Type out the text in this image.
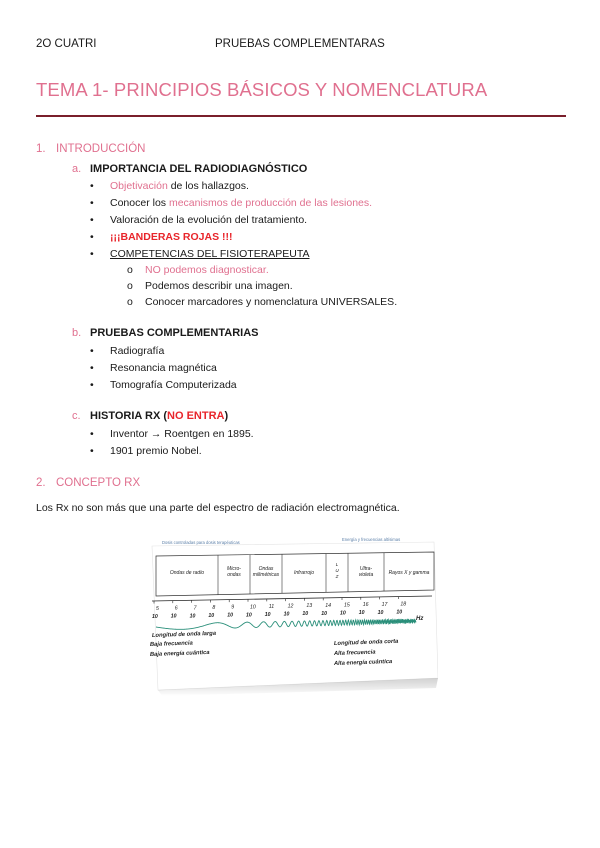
2O CUATRI	PRUEBAS COMPLEMENTARAS
TEMA 1- PRINCIPIOS BÁSICOS Y NOMENCLATURA
1. INTRODUCCIÓN
a. IMPORTANCIA DEL RADIODIAGNÓSTICO
• Objetivación de los hallazgos.
• Conocer los mecanismos de producción de las lesiones.
• Valoración de la evolución del tratamiento.
• ¡¡¡BANDERAS ROJAS !!!
• COMPETENCIAS DEL FISIOTERAPEUTA
o NO podemos diagnosticar.
o Podemos describir una imagen.
o Conocer marcadores y nomenclatura UNIVERSALES.
b. PRUEBAS COMPLEMENTARIAS
• Radiografía
• Resonancia magnética
• Tomografía Computerizada
c. HISTORIA RX (NO ENTRA)
• Inventor → Roentgen en 1895.
• 1901 premio Nobel.
2. CONCEPTO RX
Los Rx no son más que una parte del espectro de radiación electromagnética.
Dosis controladas para dosis terapéuticas
Energía y frecuencias altísimas
Ondas de radio
Micro-ondas
Ondas milimétricas	Infrarrojo
L U Z
Ultra-violeta	Rayos X y gamma
5
10
6
10
7
10
8
10
9
10
10
10
11
10
12
10
13
10
14
10
15
10
16
10
17
10
18
10
Hz
Longitud de onda larga
Baja frecuencia
Baja energía cuántica
Longitud de onda corta
Alta frecuencia
Alta energía cuántica
